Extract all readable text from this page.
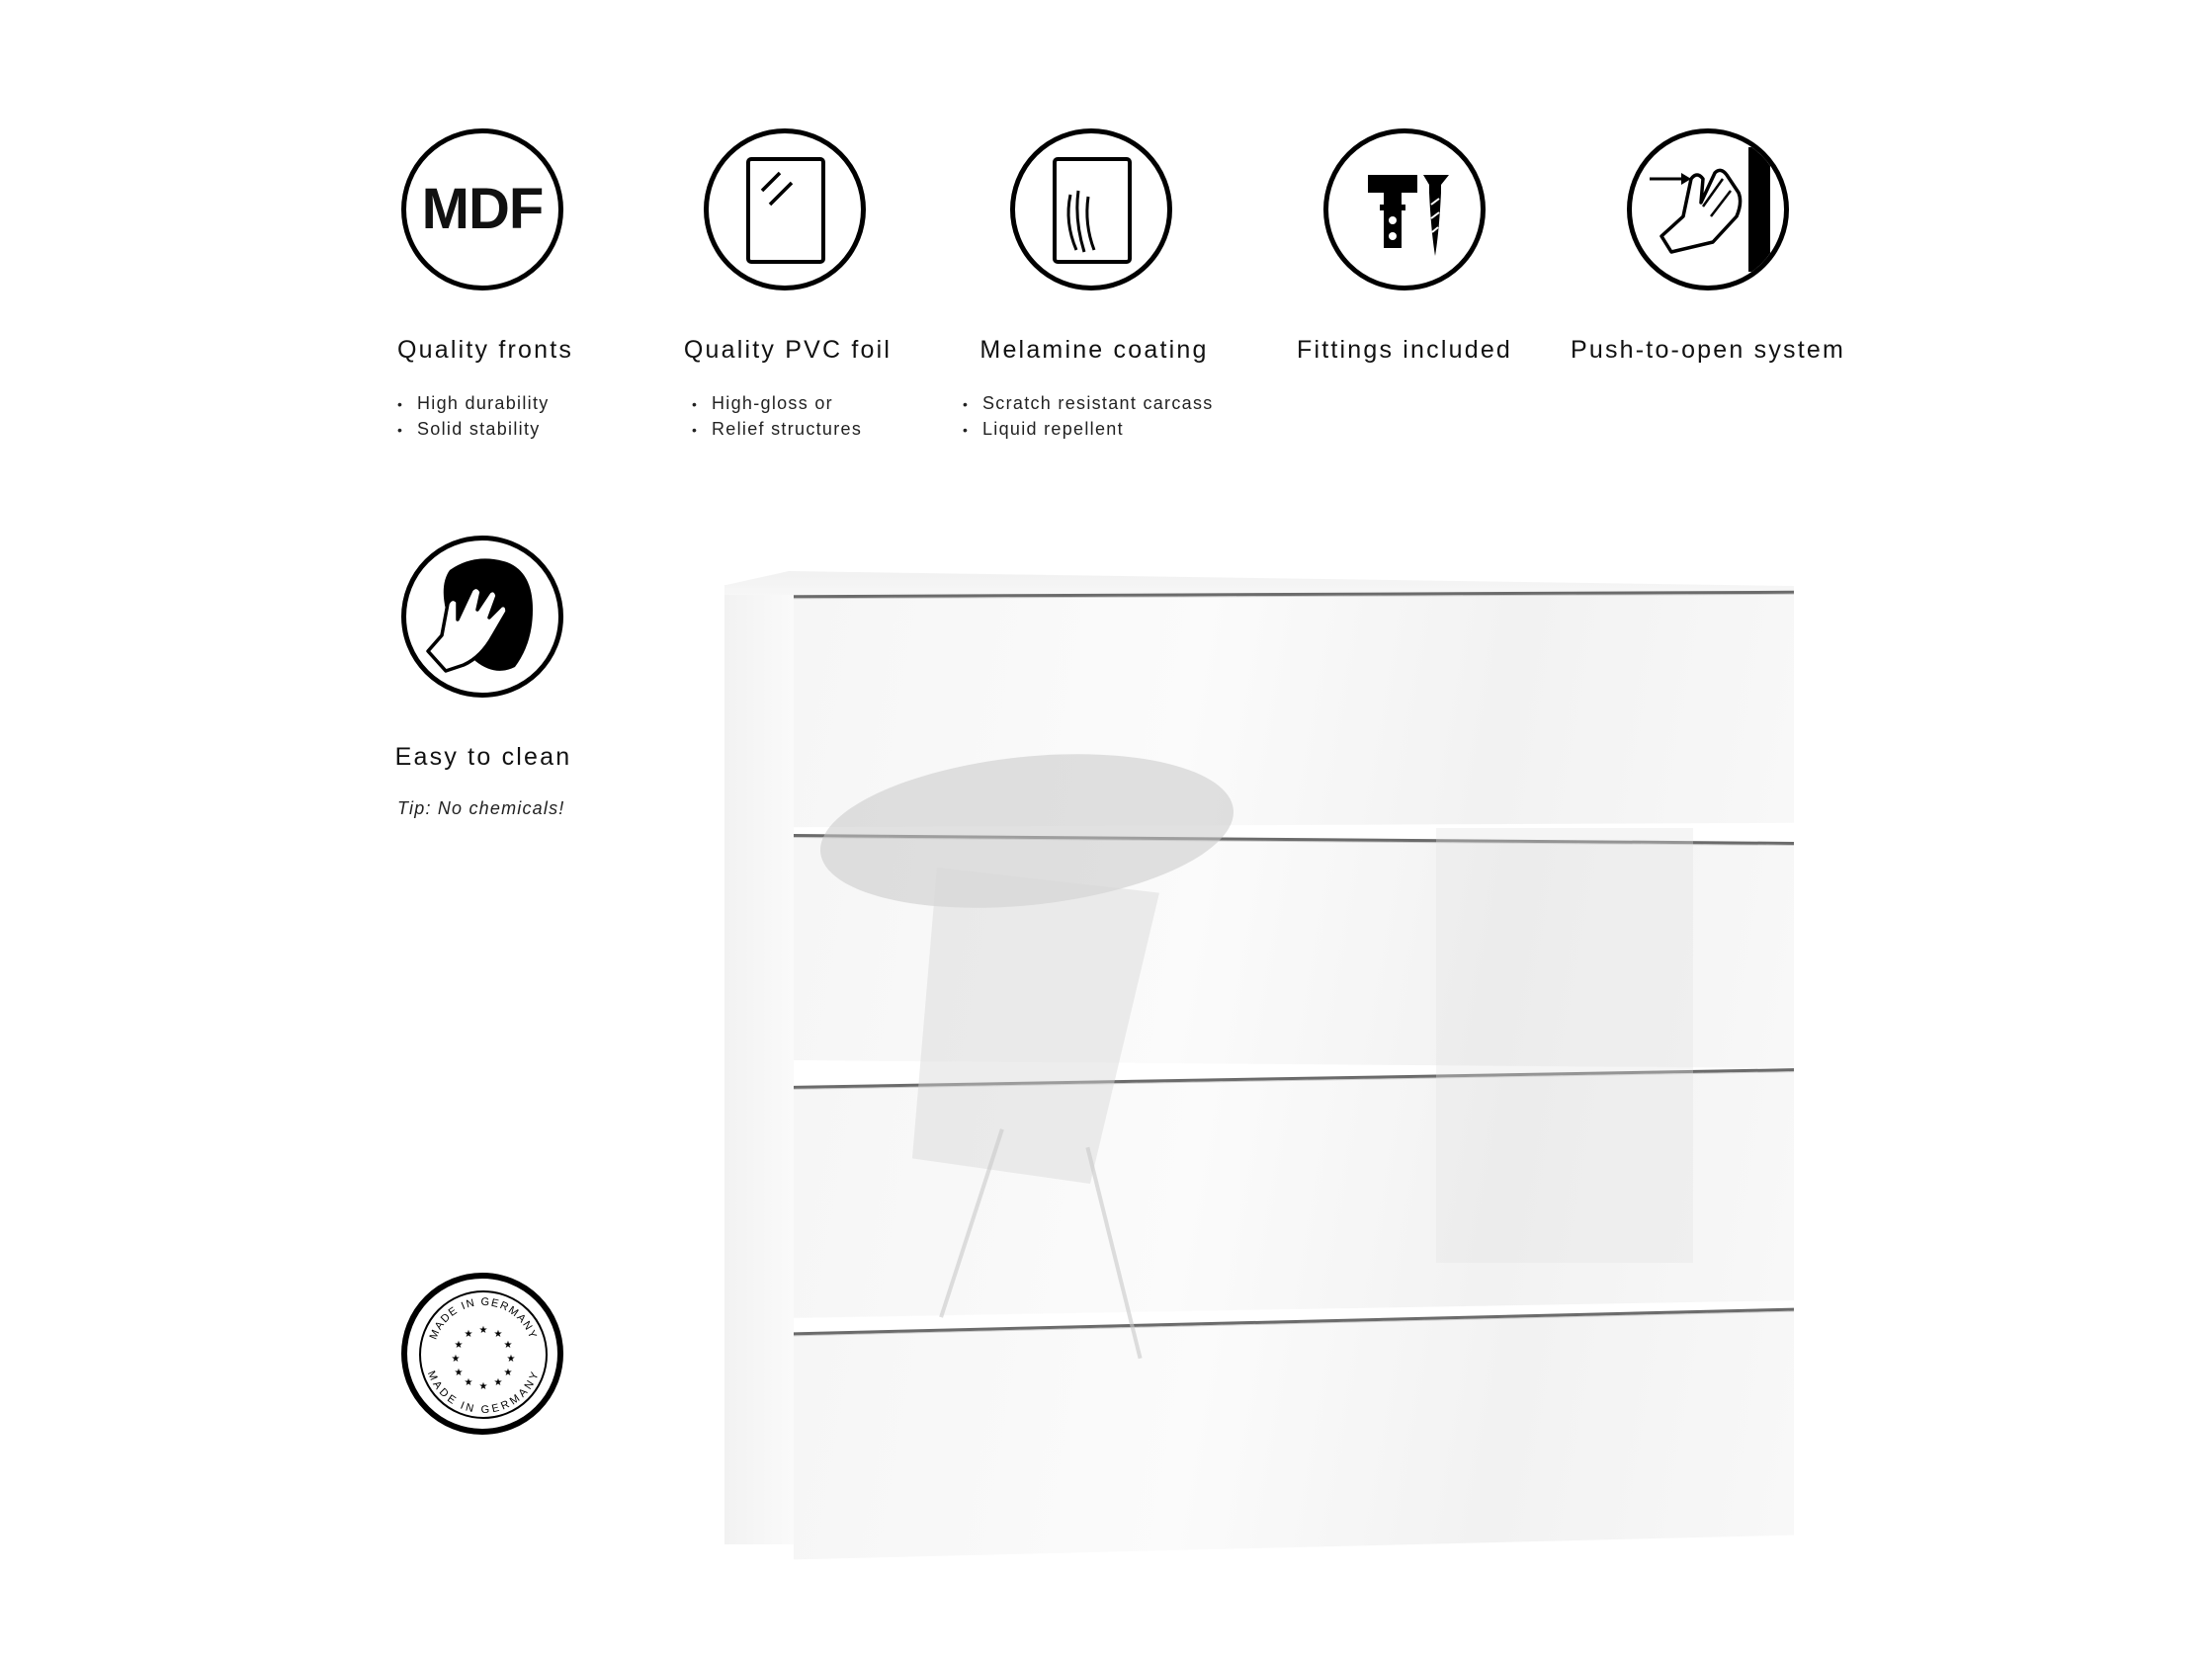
MDF
Quality fronts
• High durability
• Solid stability
Quality PVC foil
• High-gloss or
• Relief structures
Melamine coating
• Scratch resistant carcass
• Liquid repellent
Fittings included Push-to-open system
Easy to clean
Tip: No chemicals!
MADE IN GERMANY
MADE IN GERMANY
★ ★
★
★
★
★
★
★
★
★
★
★
